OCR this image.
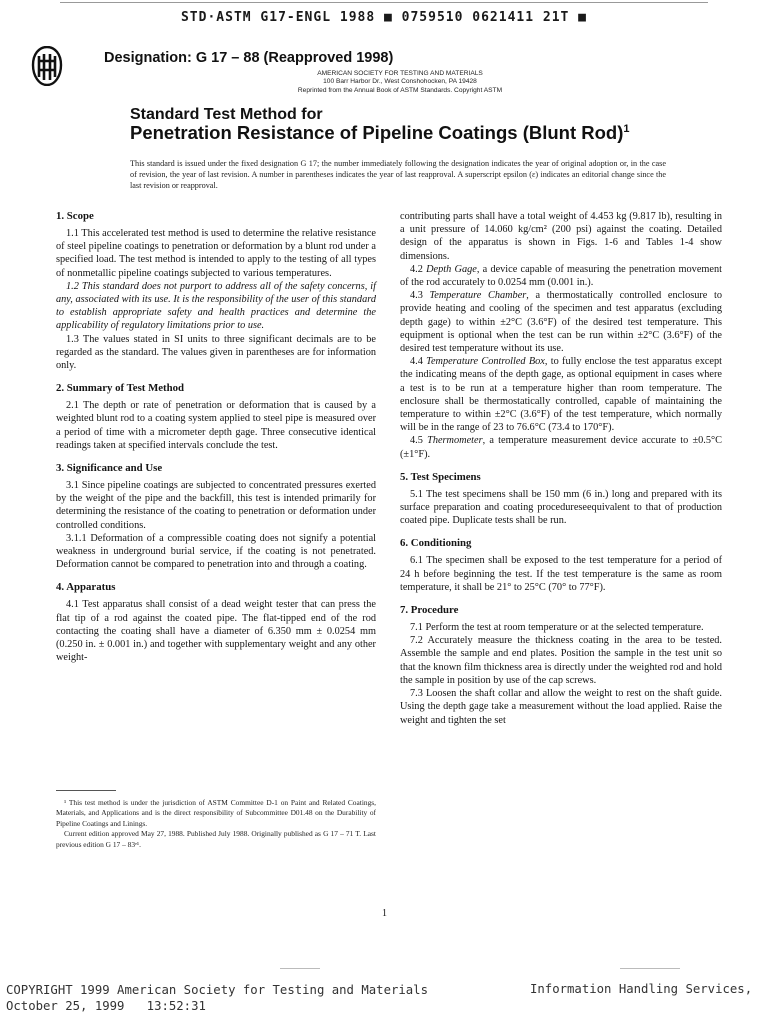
STD·ASTM G17-ENGL 1988 ■ 0759510 0621411 21T ■
Designation: G 17 – 88 (Reapproved 1998)
AMERICAN SOCIETY FOR TESTING AND MATERIALS
100 Barr Harbor Dr., West Conshohocken, PA 19428
Reprinted from the Annual Book of ASTM Standards. Copyright ASTM
Standard Test Method for
Penetration Resistance of Pipeline Coatings (Blunt Rod)$^1$
This standard is issued under the fixed designation G 17; the number immediately following the designation indicates the year of original adoption or, in the case of revision, the year of last revision. A number in parentheses indicates the year of last reapproval. A superscript epsilon (ε) indicates an editorial change since the last revision or reapproval.
1. Scope

1.1 This accelerated test method is used to determine the relative resistance of steel pipeline coatings to penetration or deformation by a blunt rod under a specified load. The test method is intended to apply to the testing of all types of nonmetallic pipeline coatings subjected to various temperatures.

1.2 This standard does not purport to address all of the safety concerns, if any, associated with its use. It is the responsibility of the user of this standard to establish appropriate safety and health practices and determine the applicability of regulatory limitations prior to use.

1.3 The values stated in SI units to three significant decimals are to be regarded as the standard. The values given in parentheses are for information only.

2. Summary of Test Method

2.1 The depth or rate of penetration or deformation that is caused by a weighted blunt rod to a coating system applied to steel pipe is measured over a period of time with a micrometer depth gage. Three consecutive identical readings taken at specified intervals conclude the test.

3. Significance and Use

3.1 Since pipeline coatings are subjected to concentrated pressures exerted by the weight of the pipe and the backfill, this test is intended primarily for determining the resistance of the coating to penetration or deformation under controlled conditions.

3.1.1 Deformation of a compressible coating does not signify a potential weakness in underground burial service, if the coating is not penetrated. Deformation cannot be compared to penetration into and through a coating.

4. Apparatus

4.1 Test apparatus shall consist of a dead weight tester that can press the flat tip of a rod against the coated pipe. The flat-tipped end of the rod contacting the coating shall have a diameter of 6.350 mm ± 0.0254 mm (0.250 in. ± 0.001 in.) and together with supplementary weight and any other weight-

contributing parts shall have a total weight of 4.453 kg (9.817 lb), resulting in a unit pressure of 14.060 kg/cm² (200 psi) against the coating. Detailed design of the apparatus is shown in Figs. 1-6 and Tables 1-4 show dimensions.

4.2 Depth Gage, a device capable of measuring the penetration movement of the rod accurately to 0.0254 mm (0.001 in.).

4.3 Temperature Chamber, a thermostatically controlled enclosure to provide heating and cooling of the specimen and test apparatus (excluding depth gage) to within ±2°C (3.6°F) of the desired test temperature. This equipment is optional when the test can be run within ±2°C (3.6°F) of the desired test temperature without its use.

4.4 Temperature Controlled Box, to fully enclose the test apparatus except the indicating means of the depth gage, as optional equipment in cases where a test is to be run at a temperature higher than room temperature. The enclosure shall be thermostatically controlled, capable of maintaining the temperature to within ±2°C (3.6°F) of the test temperature, which normally will be in the range of 23 to 76.6°C (73.4 to 170°F).

4.5 Thermometer, a temperature measurement device accurate to ±0.5°C (±1°F).

5. Test Specimens

5.1 The test specimens shall be 150 mm (6 in.) long and prepared with its surface preparation and coating procedureseequivalent to that of production coated pipe. Duplicate tests shall be run.

6. Conditioning

6.1 The specimen shall be exposed to the test temperature for a period of 24 h before beginning the test. If the test temperature is the same as room temperature, it shall be 21° to 25°C (70° to 77°F).

7. Procedure

7.1 Perform the test at room temperature or at the selected temperature.

7.2 Accurately measure the thickness coating in the area to be tested. Assemble the sample and end plates. Position the sample in the test unit so that the known film thickness area is directly under the weighted rod and hold the sample in position by use of the cap screws.

7.3 Loosen the shaft collar and allow the weight to rest on the shaft guide. Using the depth gage take a measurement without the load applied. Raise the weight and tighten the set

¹ This test method is under the jurisdiction of ASTM Committee D-1 on Paint and Related Coatings, Materials, and Applications and is the direct responsibility of Subcommittee D01.48 on the Durability of Pipeline Coatings and Linings.

Current edition approved May 27, 1988. Published July 1988. Originally published as G 17 – 71 T. Last previous edition G 17 – 83ᵉ¹.

1
COPYRIGHT 1999 American Society for Testing and Materials
October 25, 1999   13:52:31
Information Handling Services,
